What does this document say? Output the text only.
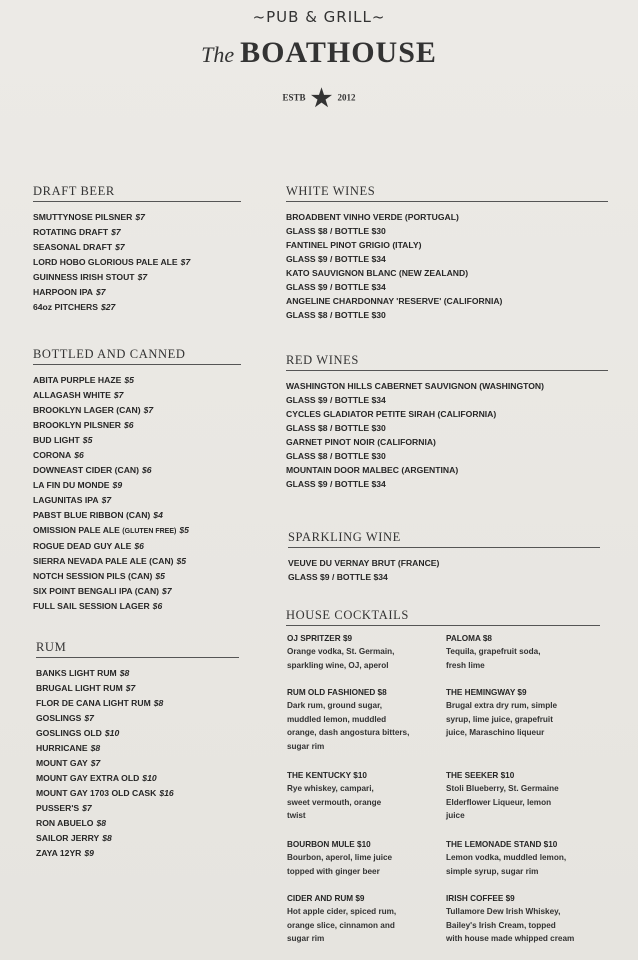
~PUB & GRILL~
The BOATHOUSE
ESTB ★ 2012
DRAFT BEER
SMUTTYNOSE PILSNER $7
ROTATING DRAFT $7
SEASONAL DRAFT $7
LORD HOBO GLORIOUS PALE ALE $7
GUINNESS IRISH STOUT $7
HARPOON IPA $7
64oz PITCHERS $27
BOTTLED AND CANNED
ABITA PURPLE HAZE $5
ALLAGASH WHITE $7
BROOKLYN LAGER (CAN) $7
BROOKLYN PILSNER $6
BUD LIGHT $5
CORONA $6
DOWNEAST CIDER (CAN) $6
LA FIN DU MONDE $9
LAGUNITAS IPA $7
PABST BLUE RIBBON (CAN) $4
OMISSION PALE ALE (GLUTEN FREE) $5
ROGUE DEAD GUY ALE $6
SIERRA NEVADA PALE ALE (CAN) $5
NOTCH SESSION PILS (CAN) $5
SIX POINT BENGALI IPA (CAN) $7
FULL SAIL SESSION LAGER $6
RUM
BANKS LIGHT RUM $8
BRUGAL LIGHT RUM $7
FLOR DE CANA LIGHT RUM $8
GOSLINGS $7
GOSLINGS OLD $10
HURRICANE $8
MOUNT GAY $7
MOUNT GAY EXTRA OLD $10
MOUNT GAY 1703 OLD CASK $16
PUSSER'S $7
RON ABUELO $8
SAILOR JERRY $8
ZAYA 12YR $9
WHITE WINES
BROADBENT VINHO VERDE (PORTUGAL)
GLASS $8 / BOTTLE $30
FANTINEL PINOT GRIGIO (ITALY)
GLASS $9 / BOTTLE $34
KATO SAUVIGNON BLANC (NEW ZEALAND)
GLASS $9 / BOTTLE $34
ANGELINE CHARDONNAY 'RESERVE' (CALIFORNIA)
GLASS $8 / BOTTLE $30
RED WINES
WASHINGTON HILLS CABERNET SAUVIGNON (WASHINGTON)
GLASS $9 / BOTTLE $34
CYCLES GLADIATOR PETITE SIRAH (CALIFORNIA)
GLASS $8 / BOTTLE $30
GARNET PINOT NOIR (CALIFORNIA)
GLASS $8 / BOTTLE $30
MOUNTAIN DOOR MALBEC (ARGENTINA)
GLASS $9 / BOTTLE $34
SPARKLING WINE
VEUVE DU VERNAY BRUT (FRANCE)
GLASS $9 / BOTTLE $34
HOUSE COCKTAILS
OJ SPRITZER $9
Orange vodka, St. Germain,
sparkling wine, OJ, aperol
RUM OLD FASHIONED $8
Dark rum, ground sugar,
muddled lemon, muddled
orange, dash angostura bitters,
sugar rim
THE KENTUCKY $10
Rye whiskey, campari,
sweet vermouth, orange
twist
BOURBON MULE $10
Bourbon, aperol, lime juice
topped with ginger beer
CIDER AND RUM $9
Hot apple cider, spiced rum,
orange slice, cinnamon and
sugar rim
PALOMA $8
Tequila, grapefruit soda,
fresh lime
THE HEMINGWAY $9
Brugal extra dry rum, simple
syrup, lime juice, grapefruit
juice, Maraschino liqueur
THE SEEKER $10
Stoli Blueberry, St. Germaine
Elderflower Liqueur, lemon
juice
THE LEMONADE STAND $10
Lemon vodka, muddled lemon,
simple syrup, sugar rim
IRISH COFFEE $9
Tullamore Dew Irish Whiskey,
Bailey's Irish Cream, topped
with house made whipped cream
